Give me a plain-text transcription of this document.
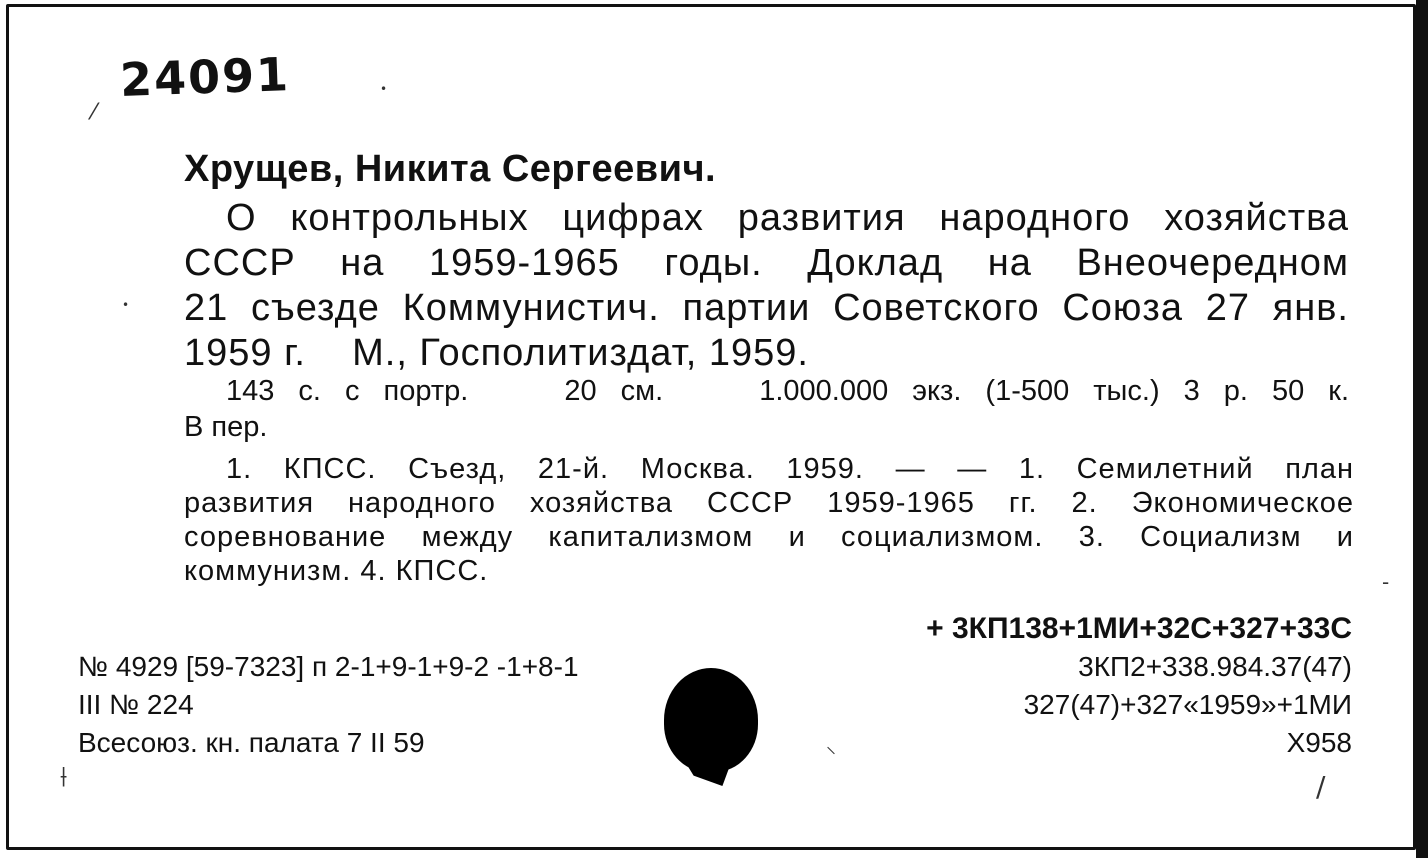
24091
⁄
•
•
Хрущев, Никита Сергеевич.
О контрольных цифрах развития народного хозяйства
СССР на 1959-1965 годы. Доклад на Внеочередном
21 съезде Коммунистич. партии Советского Союза 27 янв.
1959 г.    М., Госполитиздат, 1959.
143 с. с портр.    20 см.    1.000.000 экз. (1-500 тыс.) 3 р. 50 к.
В пер.
1. КПСС. Съезд, 21-й. Москва. 1959. — — 1. Семилетний план
развития народного хозяйства СССР 1959-1965 гг. 2. Экономическое
соревнование между капитализмом и социализмом. 3. Социализм и
коммунизм. 4. КПСС.
№ 4929 [59-7323] п 2-1+9-1+9-2 -1+8-1
III № 224
Всесоюз. кн. палата 7 II 59
+ 3КП138+1МИ+32С+327+33С
3КП2+338.984.37(47)
327(47)+327«1959»+1МИ
Х958
⟊
⸌
/
-
